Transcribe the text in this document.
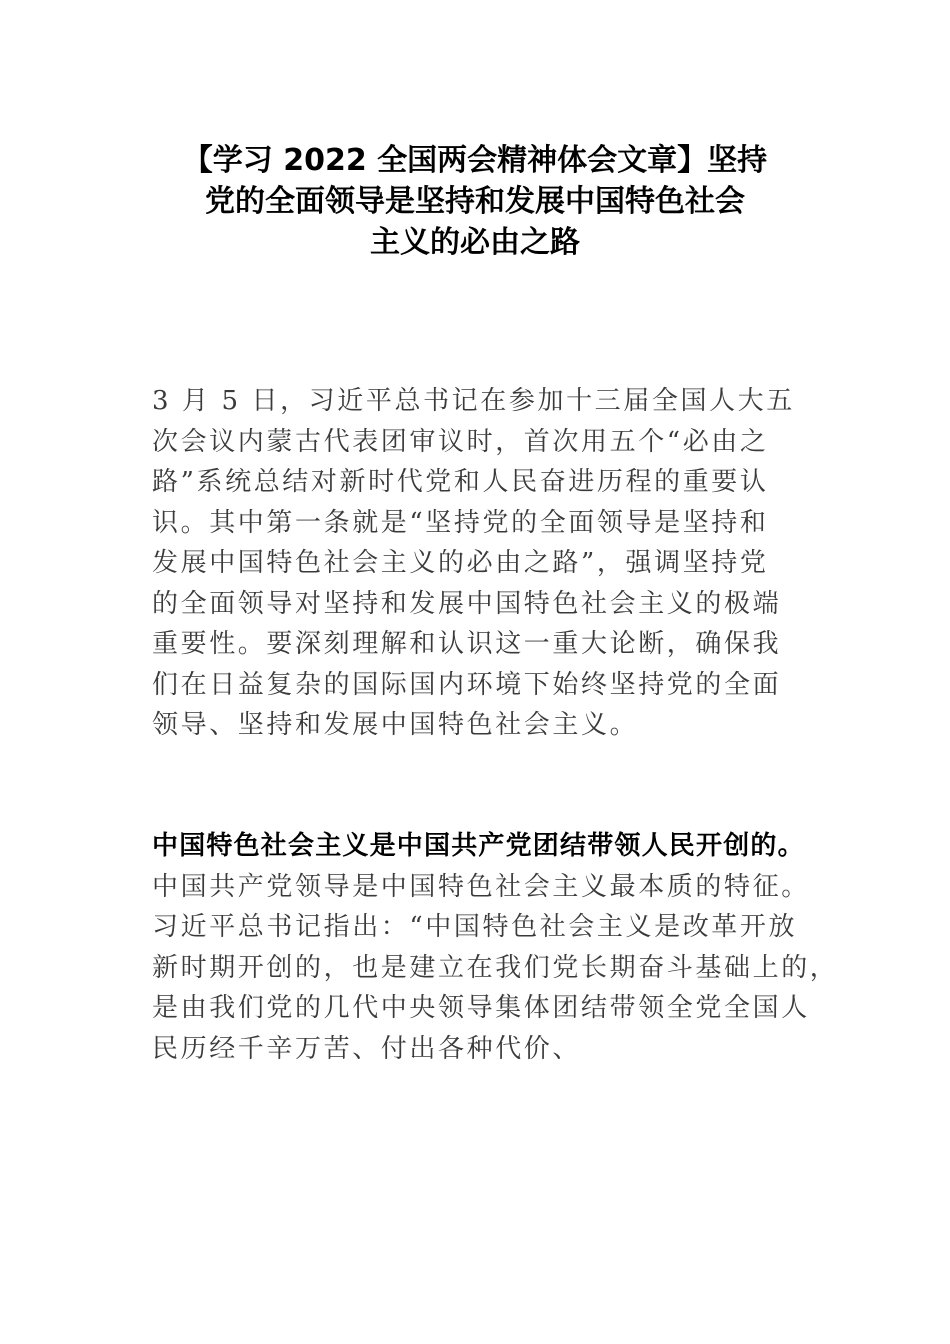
【学习 2022 全国两会精神体会文章】坚持
党的全面领导是坚持和发展中国特色社会
主义的必由之路
3 月 5 日，习近平总书记在参加十三届全国人大五
次会议内蒙古代表团审议时，首次用五个“必由之
路”系统总结对新时代党和人民奋进历程的重要认
识。其中第一条就是“坚持党的全面领导是坚持和
发展中国特色社会主义的必由之路”，强调坚持党
的全面领导对坚持和发展中国特色社会主义的极端
重要性。要深刻理解和认识这一重大论断，确保我
们在日益复杂的国际国内环境下始终坚持党的全面
领导、坚持和发展中国特色社会主义。
中国特色社会主义是中国共产党团结带领人民开创的。
中国共产党领导是中国特色社会主义最本质的特征。
习近平总书记指出：“中国特色社会主义是改革开放
新时期开创的，也是建立在我们党长期奋斗基础上的，
是由我们党的几代中央领导集体团结带领全党全国人
民历经千辛万苦、付出各种代价、
